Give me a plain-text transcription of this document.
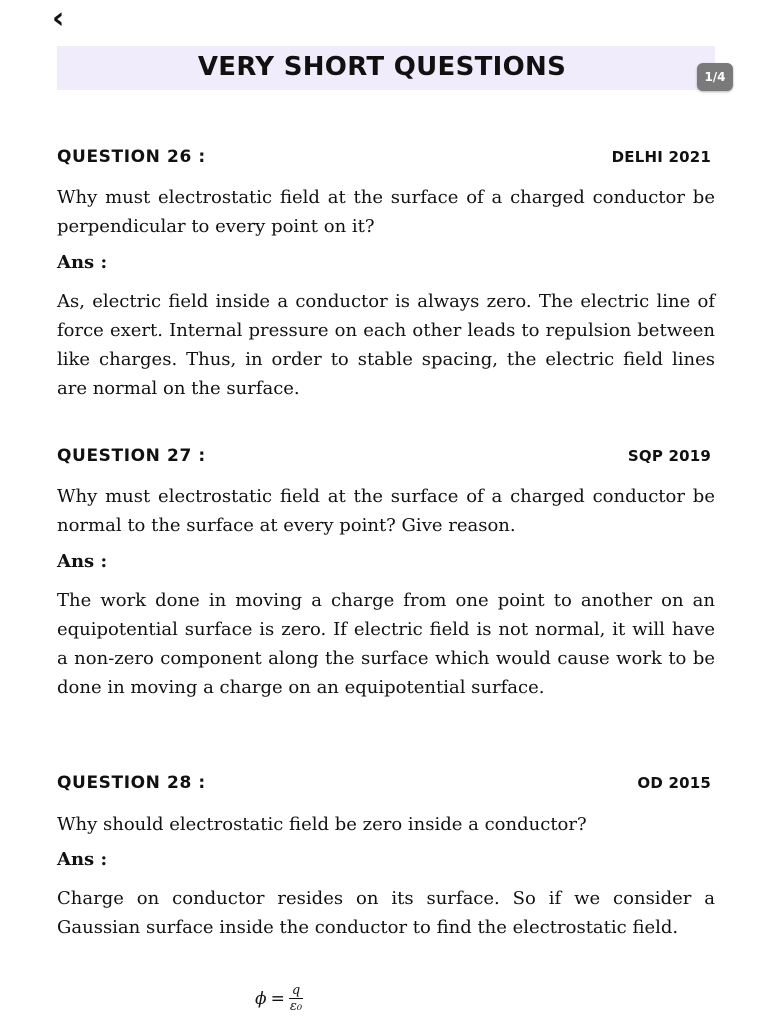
‹
VERY SHORT QUESTIONS	1/4
QUESTION 26 :	DELHI 2021
Why must electrostatic field at the surface of a charged conductor be perpendicular to every point on it?
Ans :
As, electric field inside a conductor is always zero. The electric line of force exert. Internal pressure on each other leads to repulsion between like charges. Thus, in order to stable spacing, the electric field lines are normal on the surface.
QUESTION 27 :	SQP 2019
Why must electrostatic field at the surface of a charged conductor be normal to the surface at every point? Give reason.
Ans :
The work done in moving a charge from one point to another on an equipotential surface is zero. If electric field is not normal, it will have a non-zero component along the surface which would cause work to be done in moving a charge on an equipotential surface.
QUESTION 28 :	OD 2015
Why should electrostatic field be zero inside a conductor?
Ans :
Charge on conductor resides on its surface. So if we consider a Gaussian surface inside the conductor to find the electrostatic field.
$\phi = \frac{q}{\text{ε₀}}$
